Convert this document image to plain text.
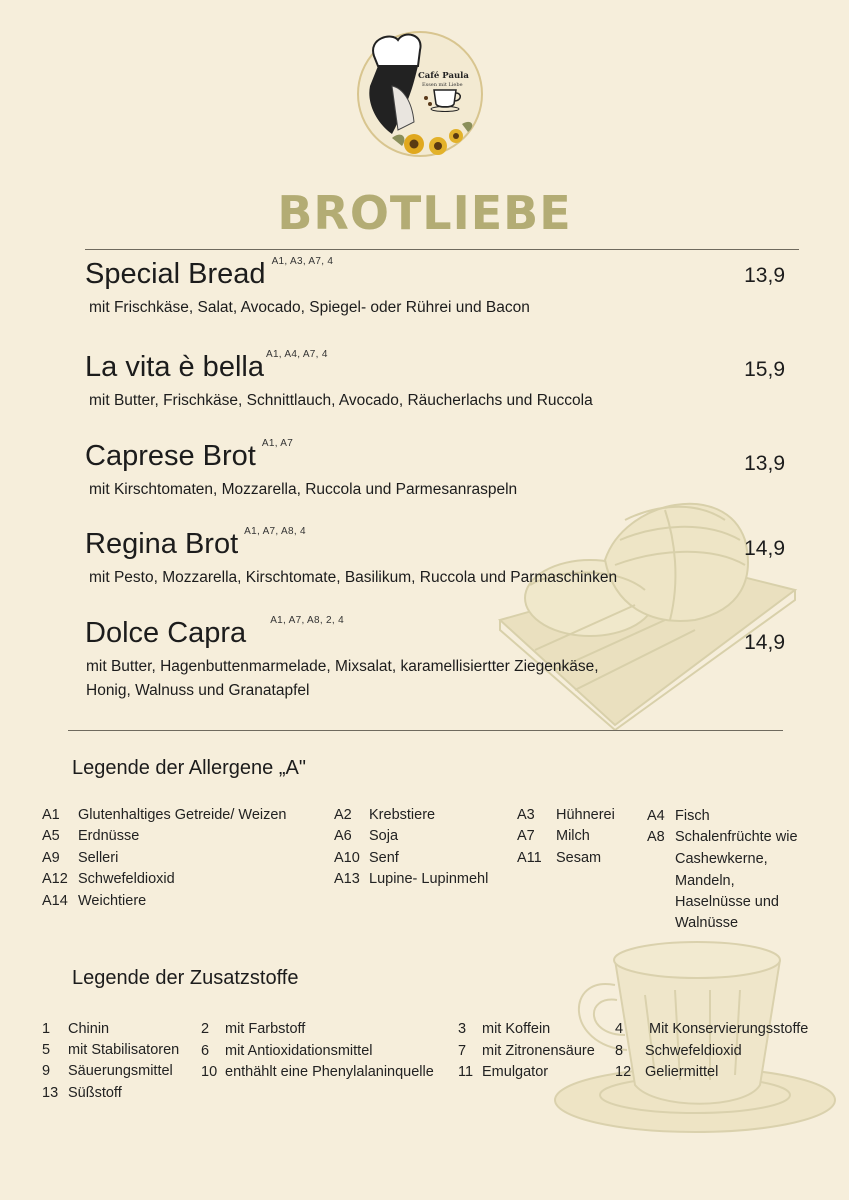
Café Paula
Essen mit Liebe
BROTLIEBE
Special Bread $^{A1, A3, A7, 4}$
13,9
mit Frischkäse, Salat, Avocado, Spiegel- oder Rührei und Bacon
La vita è bella $^{A1, A4, A7, 4}$
15,9
mit Butter, Frischkäse, Schnittlauch, Avocado, Räucherlachs und Ruccola
Caprese Brot $^{A1, A7}$
13,9
mit Kirschtomaten, Mozzarella, Ruccola und Parmesanraspeln
Regina Brot $^{A1, A7, A8, 4}$
14,9
mit Pesto, Mozzarella, Kirschtomate, Basilikum, Ruccola und Parmaschinken
Dolce Capra $^{A1, A7, A8, 2, 4}$
14,9
mit Butter, Hagenbuttenmarmelade, Mixsalat, karamellisiertter Ziegenkäse,
Honig, Walnuss und Granatapfel
Legende der Allergene „A"
A1 Glutenhaltiges Getreide/ Weizen
A5 Erdnüsse
A9 Selleri
A12 Schwefeldioxid
A14 Weichtiere
A2 Krebstiere
A6 Soja
A10 Senf
A13 Lupine- Lupinmehl
A3 Hühnerei
A7 Milch
A11 Sesam
A4 Fisch
A8 Schalenfrüchte wie
Cashewkerne,
Mandeln,
Haselnüsse und
Walnüsse
Legende der Zusatzstoffe
1 Chinin
5 mit Stabilisatoren
9 Säuerungsmittel
13 Süßstoff
2 mit Farbstoff
6 mit Antioxidationsmittel
10 enthählt eine Phenylalaninquelle
3 mit Koffein
7 mit Zitronensäure
11 Emulgator
4 Mit Konservierungsstoffe
8 Schwefeldioxid
12 Geliermittel
